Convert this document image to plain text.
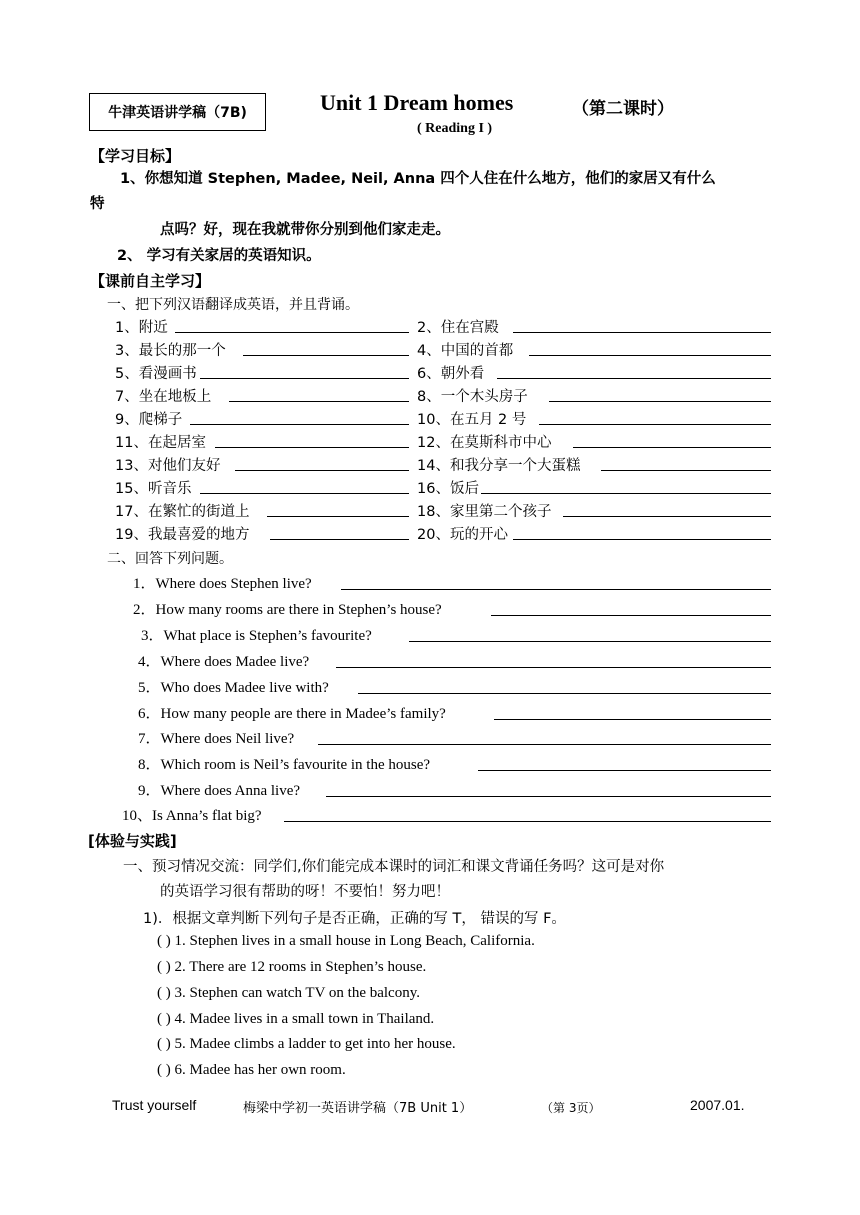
牛津英语讲学稿（7B)	Unit 1 Dream homes	（第二课时）
( Reading I )
【学习目标】
1、你想知道 Stephen, Madee, Neil, Anna 四个人住在什么地方，他们的家居又有什么
特
点吗？好，现在我就带你分别到他们家走走。
2、 学习有关家居的英语知识。
【课前自主学习】
一、把下列汉语翻译成英语，并且背诵。
1、附近	2、住在宫殿
3、最长的那一个	4、中国的首都
5、看漫画书	6、朝外看
7、坐在地板上	8、一个木头房子
9、爬梯子	10、在五月 2 号
11、在起居室	12、在莫斯科市中心
13、对他们友好	14、和我分享一个大蛋糕
15、听音乐	16、饭后
17、在繁忙的街道上	18、家里第二个孩子
19、我最喜爱的地方	20、玩的开心
二、回答下列问题。
1．Where does Stephen live?
2．How many rooms are there in Stephen’s house?
3．What place is Stephen’s favourite?
4．Where does Madee live?
5．Who does Madee live with?
6．How many people are there in Madee’s family?
7．Where does Neil live?
8．Which room is Neil’s favourite in the house?
9．Where does Anna live?
10、Is Anna’s flat big?
[体验与实践]
一、预习情况交流：同学们,你们能完成本课时的词汇和课文背诵任务吗？这可是对你
的英语学习很有帮助的呀！不要怕！努力吧！
1)．根据文章判断下列句子是否正确，正确的写 T， 错误的写 F。
( ) 1. Stephen lives in a small house in Long Beach, California.
( ) 2. There are 12 rooms in Stephen’s house.
( ) 3. Stephen can watch TV on the balcony.
( ) 4. Madee lives in a small town in Thailand.
( ) 5. Madee climbs a ladder to get into her house.
( ) 6. Madee has her own room.
Trust yourself	梅梁中学初一英语讲学稿（7B Unit 1）	（第 3页）	2007.01.
